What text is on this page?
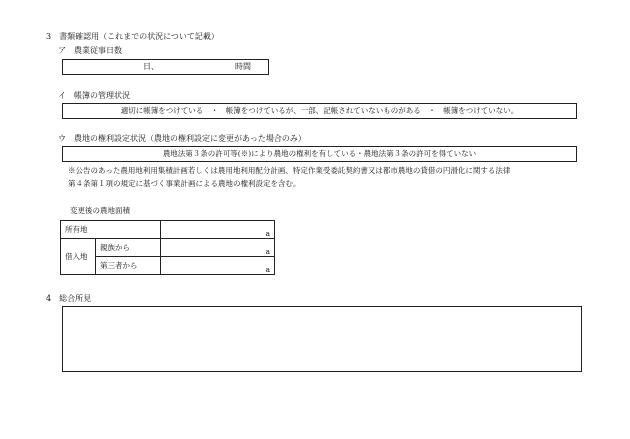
3　書類確認用（これまでの状況について記載）
ア　農業従事日数
日、	時間
イ　帳簿の管理状況
適切に帳簿をつけている　・　帳簿をつけているが、一部、記帳されていないものがある　・　帳簿をつけていない。
ウ　農地の権利設定状況（農地の権利設定に変更があった場合のみ）
農地法第３条の許可等(※)により農地の権利を有している・農地法第３条の許可を得ていない
※公告のあった農用地利用集積計画若しくは農用地利用配分計画、特定作業受委託契約書又は都市農地の貸借の円滑化に関する法律
第４条第１項の規定に基づく事業計画による農地の権利設定を含む。
変更後の農地面積
所有地		a
借入地	親族から	a
	第三者から	a
4　総合所見
